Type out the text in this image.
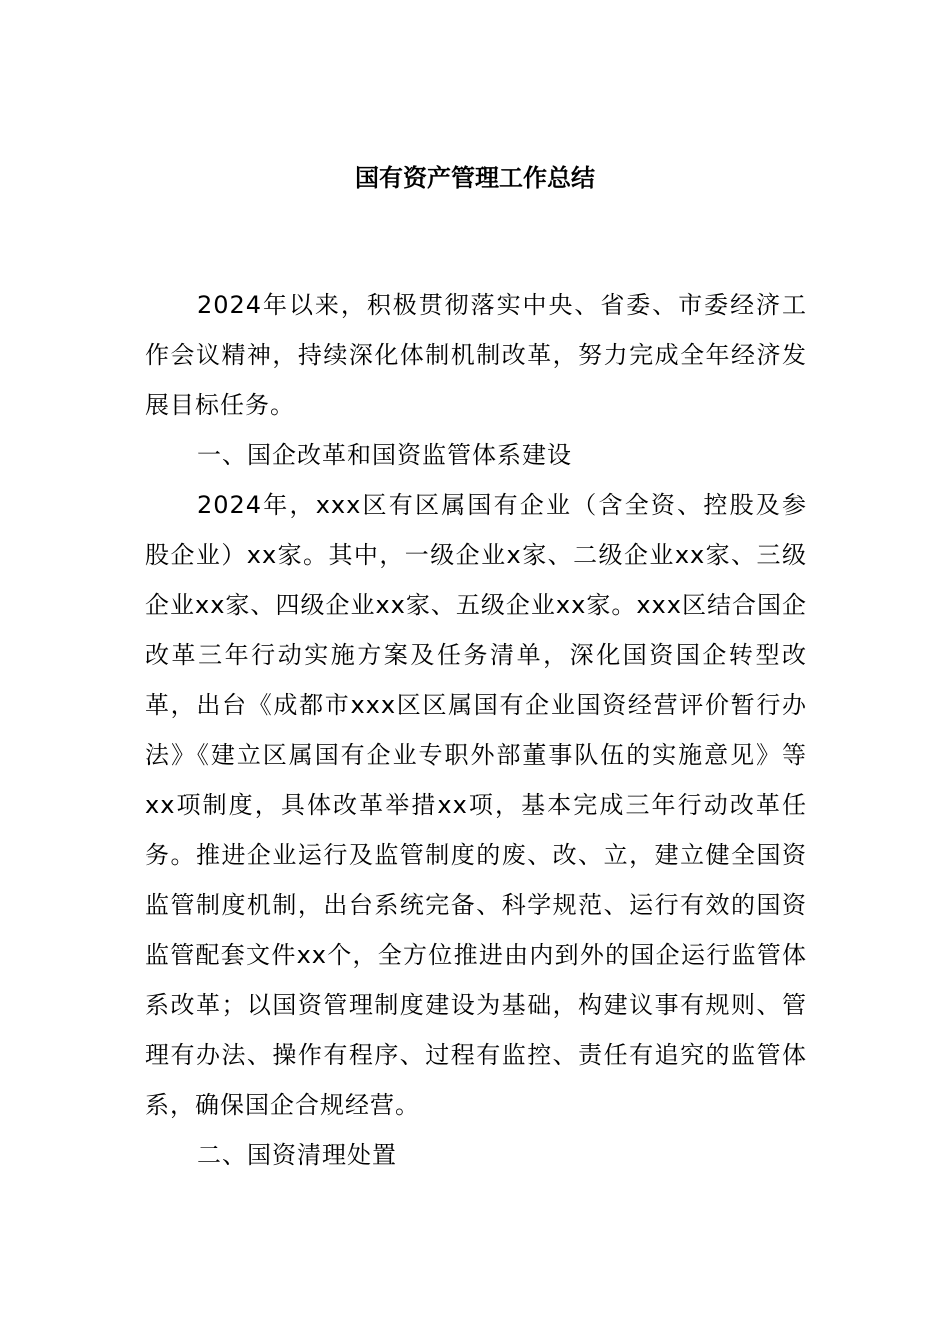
国有资产管理工作总结

2024年以来，积极贯彻落实中央、省委、市委经济工作会议精神，持续深化体制机制改革，努力完成全年经济发展目标任务。

一、国企改革和国资监管体系建设

2024年，xxx区有区属国有企业（含全资、控股及参股企业）xx家。其中，一级企业x家、二级企业xx家、三级企业xx家、四级企业xx家、五级企业xx家。xxx区结合国企改革三年行动实施方案及任务清单，深化国资国企转型改革，出台《成都市xxx区区属国有企业国资经营评价暂行办法》《建立区属国有企业专职外部董事队伍的实施意见》等xx项制度，具体改革举措xx项，基本完成三年行动改革任务。推进企业运行及监管制度的废、改、立，建立健全国资监管制度机制，出台系统完备、科学规范、运行有效的国资监管配套文件xx个，全方位推进由内到外的国企运行监管体系改革；以国资管理制度建设为基础，构建议事有规则、管理有办法、操作有程序、过程有监控、责任有追究的监管体系，确保国企合规经营。

二、国资清理处置
